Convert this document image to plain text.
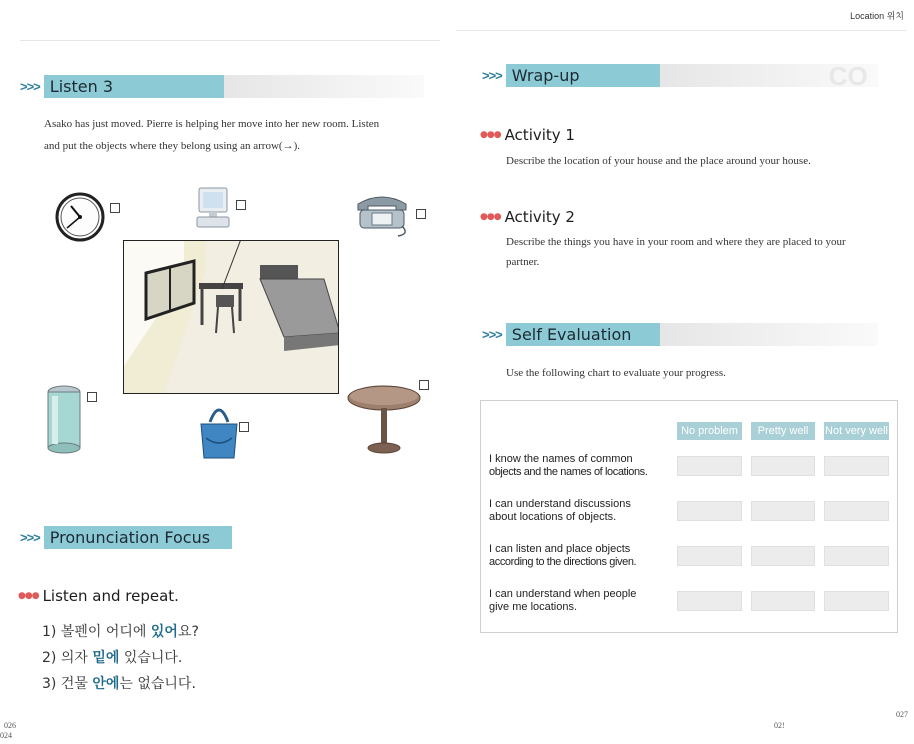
>>> Listen 3
Asako has just moved. Pierre is helping her move into her new room. Listen
and put the objects where they belong using an arrow(→).
>>> Pronunciation Focus
●●● Listen and repeat.
1) 볼펜이 어디에 있어요?
2) 의자 밑에 있습니다.
3) 건물 안에는 없습니다.
026
024
Location 위치
>>> Wrap-up	CO
●●● Activity 1
Describe the location of your house and the place around your house.
●●● Activity 2
Describe the things you have in your room and where they are placed to your
partner.
>>> Self Evaluation
Use the following chart to evaluate your progress.
No problem	Pretty well	Not very well
I know the names of common
objects and the names of locations.
I can understand discussions
about locations of objects.
I can listen and place objects
according to the directions given.
I can understand when people
give me locations.
02!
027
